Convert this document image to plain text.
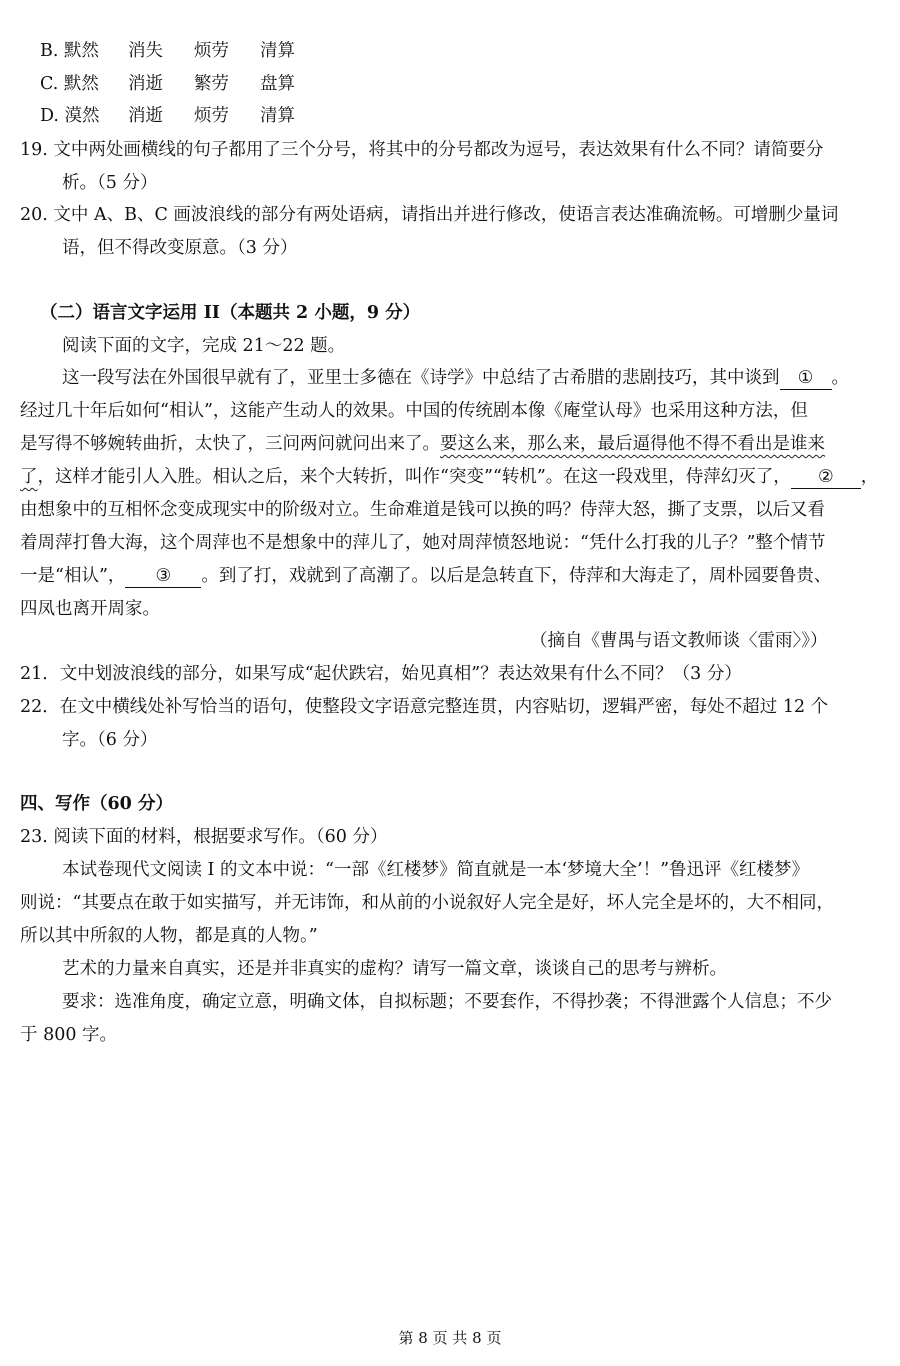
B. 默然 消失 烦劳 清算
C. 默然 消逝 繁劳 盘算
D. 漠然 消逝 烦劳 清算
19. 文中两处画横线的句子都用了三个分号，将其中的分号都改为逗号，表达效果有什么不同？请简要分
析。（5 分）
20. 文中 A、B、C 画波浪线的部分有两处语病，请指出并进行修改，使语言表达准确流畅。可增删少量词
语，但不得改变原意。（3 分）
（二）语言文字运用 II（本题共 2 小题，9 分）
阅读下面的文字，完成 21～22 题。
这一段写法在外国很早就有了，亚里士多德在《诗学》中总结了古希腊的悲剧技巧，其中谈到 ① 。
经过几十年后如何“相认”，这能产生动人的效果。中国的传统剧本像《庵堂认母》也采用这种方法，但
是写得不够婉转曲折，太快了，三问两问就问出来了。要这么来，那么来，最后逼得他不得不看出是谁来
了，这样才能引人入胜。相认之后，来个大转折，叫作“突变”“转机”。在这一段戏里，侍萍幻灭了， ② ，
由想象中的互相怀念变成现实中的阶级对立。生命难道是钱可以换的吗？侍萍大怒，撕了支票，以后又看
着周萍打鲁大海，这个周萍也不是想象中的萍儿了，她对周萍愤怒地说：“凭什么打我的儿子？”整个情节
一是“相认”， ③ 。到了打，戏就到了高潮了。以后是急转直下，侍萍和大海走了，周朴园要鲁贵、
四凤也离开周家。
（摘自《曹禺与语文教师谈〈雷雨〉》）
21．文中划波浪线的部分，如果写成“起伏跌宕，始见真相”？表达效果有什么不同？（3 分）
22．在文中横线处补写恰当的语句，使整段文字语意完整连贯，内容贴切，逻辑严密，每处不超过 12 个
字。（6 分）
四、写作（60 分）
23. 阅读下面的材料，根据要求写作。（60 分）
本试卷现代文阅读 I 的文本中说：“一部《红楼梦》简直就是一本‘梦境大全’！”鲁迅评《红楼梦》
则说：“其要点在敢于如实描写，并无讳饰，和从前的小说叙好人完全是好，坏人完全是坏的，大不相同，
所以其中所叙的人物，都是真的人物。”
艺术的力量来自真实，还是并非真实的虚构？请写一篇文章，谈谈自己的思考与辨析。
要求：选准角度，确定立意，明确文体，自拟标题；不要套作，不得抄袭；不得泄露个人信息；不少
于 800 字。
第 8 页 共 8 页
